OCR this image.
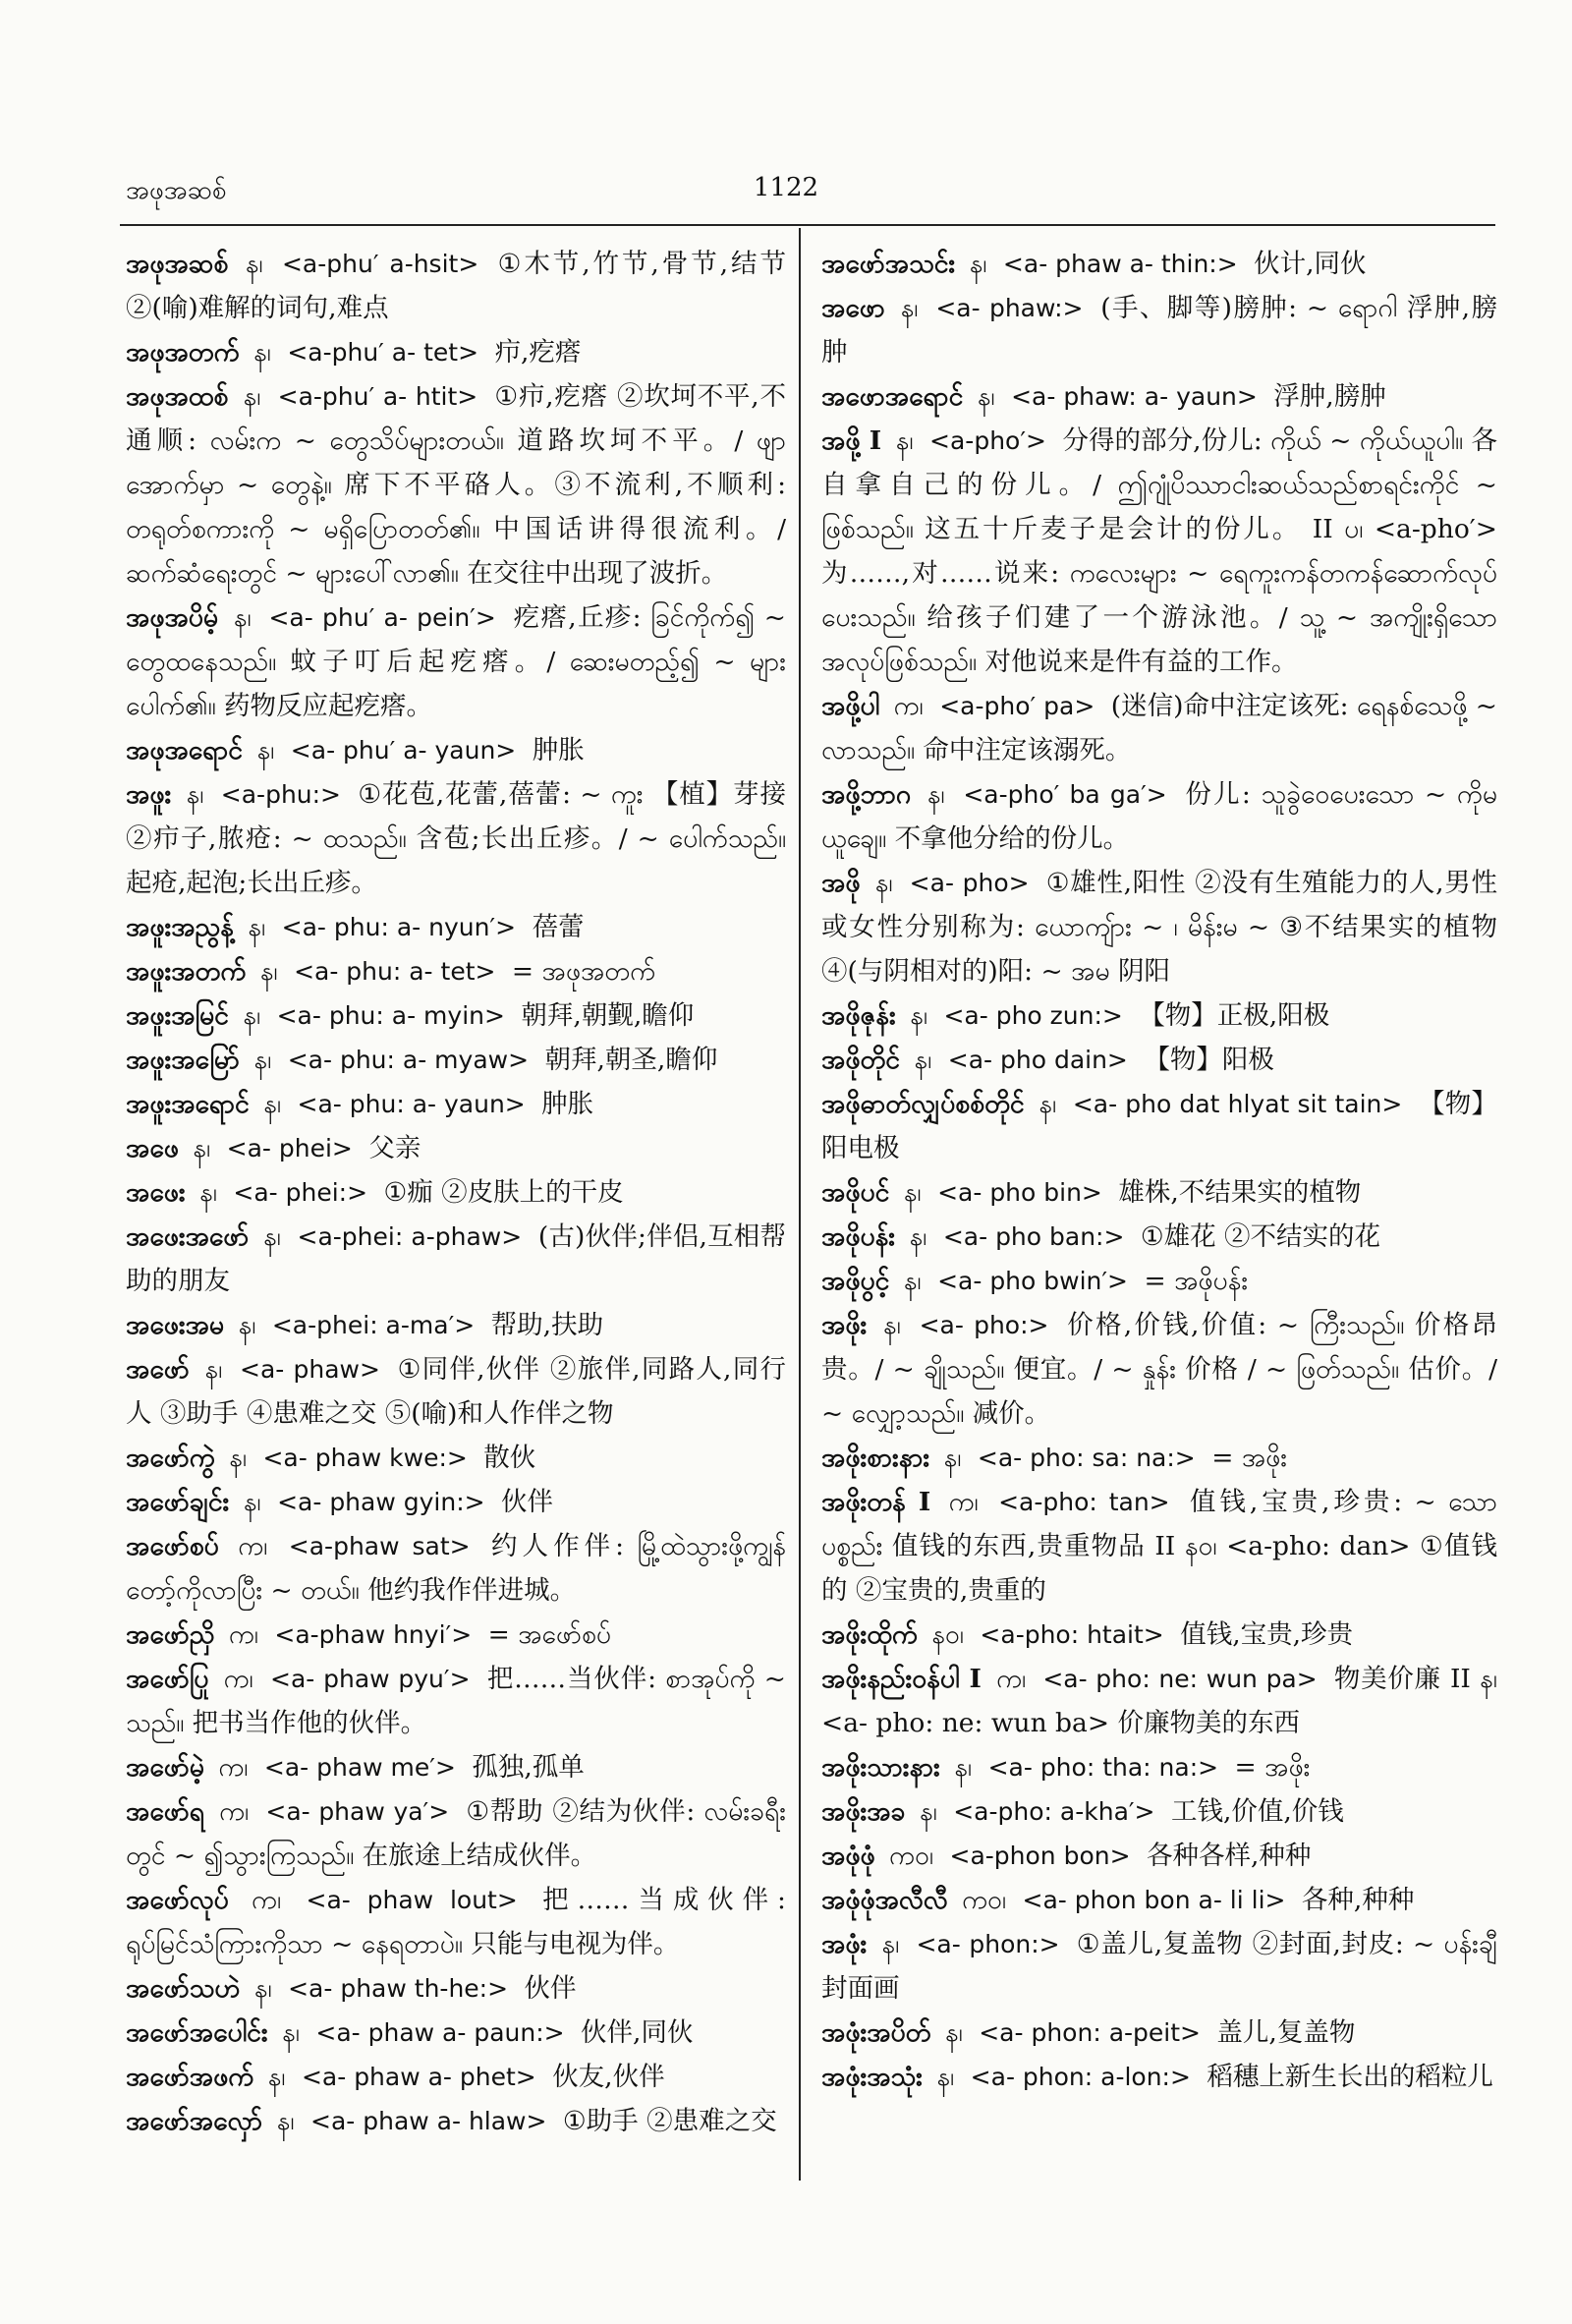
အဖုအဆစ်	1122

အဖုအဆစ် န၊ <a-phu′ a-hsit> ①木节,竹节,骨节,结节 ②(喻)难解的词句,难点

အဖုအတက် န၊ <a-phu′ a- tet> 疖,疙瘩

အဖုအထစ် န၊ <a-phu′ a- htit> ①疖,疙瘩 ②坎坷不平,不通顺: လမ်းက ~ တွေသိပ်များတယ်။ 道路坎坷不平。/ ဖျာအောက်မှာ ~ တွေနဲ့။ 席下不平硌人。③不流利,不顺利: တရုတ်စကားကို ~ မရှိပြောတတ်၏။ 中国话讲得很流利。/ ဆက်ဆံရေးတွင် ~ များပေါ်လာ၏။ 在交往中出现了波折。

အဖုအပိမ့် န၊ <a- phu′ a- pein′> 疙瘩,丘疹: ခြင်ကိုက်၍ ~ တွေထနေသည်။ 蚊子叮后起疙瘩。/ ဆေးမတည့်၍ ~ များပေါက်၏။ 药物反应起疙瘩。

အဖုအရောင် န၊ <a- phu′ a- yaun> 肿胀

အဖူး န၊ <a-phu:> ①花苞,花蕾,蓓蕾: ~ ကူး 【植】芽接 ②疖子,脓疮: ~ ထသည်။ 含苞;长出丘疹。/ ~ ပေါက်သည်။ 起疮,起泡;长出丘疹。

အဖူးအညွန့် န၊ <a- phu: a- nyun′> 蓓蕾

အဖူးအတက် န၊ <a- phu: a- tet> = အဖုအတက်

အဖူးအမြင် န၊ <a- phu: a- myin> 朝拜,朝觐,瞻仰

အဖူးအမြော် န၊ <a- phu: a- myaw> 朝拜,朝圣,瞻仰

အဖူးအရောင် န၊ <a- phu: a- yaun> 肿胀

အဖေ န၊ <a- phei> 父亲

အဖေး န၊ <a- phei:> ①痂 ②皮肤上的干皮

အဖေးအဖော် န၊ <a-phei: a-phaw> (古)伙伴;伴侣,互相帮助的朋友

အဖေးအမ န၊ <a-phei: a-ma′> 帮助,扶助

အဖော် န၊ <a- phaw> ①同伴,伙伴 ②旅伴,同路人,同行人 ③助手 ④患难之交 ⑤(喻)和人作伴之物

အဖော်ကွဲ န၊ <a- phaw kwe:> 散伙

အဖော်ချင်း န၊ <a- phaw gyin:> 伙伴

အဖော်စပ် က၊ <a-phaw sat> 约人作伴: မြို့ထဲသွားဖို့ကျွန်တော့်ကိုလာပြီး ~ တယ်။ 他约我作伴进城。

အဖော်ညှိ က၊ <a-phaw hnyi′> = အဖော်စပ်

အဖော်ပြု က၊ <a- phaw pyu′> 把……当伙伴: စာအုပ်ကို ~ သည်။ 把书当作他的伙伴。

အဖော်မဲ့ က၊ <a- phaw me′> 孤独,孤单

အဖော်ရ က၊ <a- phaw ya′> ①帮助 ②结为伙伴: လမ်းခရီးတွင် ~ ၍သွားကြသည်။ 在旅途上结成伙伴。

အဖော်လုပ် က၊ <a- phaw lout> 把……当成伙伴: ရုပ်မြင်သံကြားကိုသာ ~ နေရတာပဲ။ 只能与电视为伴。

အဖော်သဟဲ န၊ <a- phaw th-he:> 伙伴

အဖော်အပေါင်း န၊ <a- phaw a- paun:> 伙伴,同伙

အဖော်အဖက် န၊ <a- phaw a- phet> 伙友,伙伴

အဖော်အလှော် န၊ <a- phaw a- hlaw> ①助手 ②患难之交

အဖော်အသင်း န၊ <a- phaw a- thin:> 伙计,同伙

အဖော န၊ <a- phaw:> (手、脚等)膀肿: ~ ရောဂါ 浮肿,膀肿

အဖောအရောင် န၊ <a- phaw: a- yaun> 浮肿,膀肿

အဖို့ I န၊ <a-pho′> 分得的部分,份儿: ကိုယ် ~ ကိုယ်ယူပါ။ 各自拿自己的份儿。/ ဤဂျုံပိဿာငါးဆယ်သည်စာရင်းကိုင် ~ ဖြစ်သည်။ 这五十斤麦子是会计的份儿。 II ပ၊ <a-pho′> 为……,对……说来: ကလေးများ ~ ရေကူးကန်တကန်ဆောက်လုပ်ပေးသည်။ 给孩子们建了一个游泳池。/ သူ့ ~ အကျိုးရှိသောအလုပ်ဖြစ်သည်။ 对他说来是件有益的工作。

အဖို့ပါ က၊ <a-pho′ pa> (迷信)命中注定该死: ရေနစ်သေဖို့ ~ လာသည်။ 命中注定该溺死。

အဖို့ဘာဂ န၊ <a-pho′ ba ga′> 份儿: သူခွဲဝေပေးသော ~ ကိုမယူချေ။ 不拿他分给的份儿。

အဖို န၊ <a- pho> ①雄性,阳性 ②没有生殖能力的人,男性或女性分别称为: ယောကျ်ား ~ ၊ မိန်းမ ~ ③不结果实的植物 ④(与阴相对的)阳: ~ အမ 阴阳

အဖိုဇုန်း န၊ <a- pho zun:> 【物】正极,阳极

အဖိုတိုင် န၊ <a- pho dain> 【物】阳极

အဖိုဓာတ်လျှပ်စစ်တိုင် န၊ <a- pho dat hlyat sit tain> 【物】阳电极

အဖိုပင် န၊ <a- pho bin> 雄株,不结果实的植物

အဖိုပန်း န၊ <a- pho ban:> ①雄花 ②不结实的花

အဖိုပွင့် န၊ <a- pho bwin′> = အဖိုပန်း

အဖိုး န၊ <a- pho:> 价格,价钱,价值: ~ ကြီးသည်။ 价格昂贵。/ ~ ချိုသည်။ 便宜。/ ~ နှုန်း 价格 / ~ ဖြတ်သည်။ 估价。/ ~ လျှော့သည်။ 减价。

အဖိုးစားနား န၊ <a- pho: sa: na:> = အဖိုး

အဖိုးတန် I က၊ <a-pho: tan> 值钱,宝贵,珍贵: ~ သောပစ္စည်း 值钱的东西,贵重物品 II နဝ၊ <a-pho: dan> ①值钱的 ②宝贵的,贵重的

အဖိုးထိုက် နဝ၊ <a-pho: htait> 值钱,宝贵,珍贵

အဖိုးနည်းဝန်ပါ I က၊ <a- pho: ne: wun pa> 物美价廉 II န၊ <a- pho: ne: wun ba> 价廉物美的东西

အဖိုးသားနား န၊ <a- pho: tha: na:> = အဖိုး

အဖိုးအခ န၊ <a-pho: a-kha′> 工钱,价值,价钱

အဖုံဖုံ ကဝ၊ <a-phon bon> 各种各样,种种

အဖုံဖုံအလီလီ ကဝ၊ <a- phon bon a- li li> 各种,种种

အဖုံး န၊ <a- phon:> ①盖儿,复盖物 ②封面,封皮: ~ ပန်းချီ 封面画

အဖုံးအပိတ် န၊ <a- phon: a-peit> 盖儿,复盖物

အဖုံးအသုံး န၊ <a- phon: a-lon:> 稻穗上新生长出的稻粒儿
